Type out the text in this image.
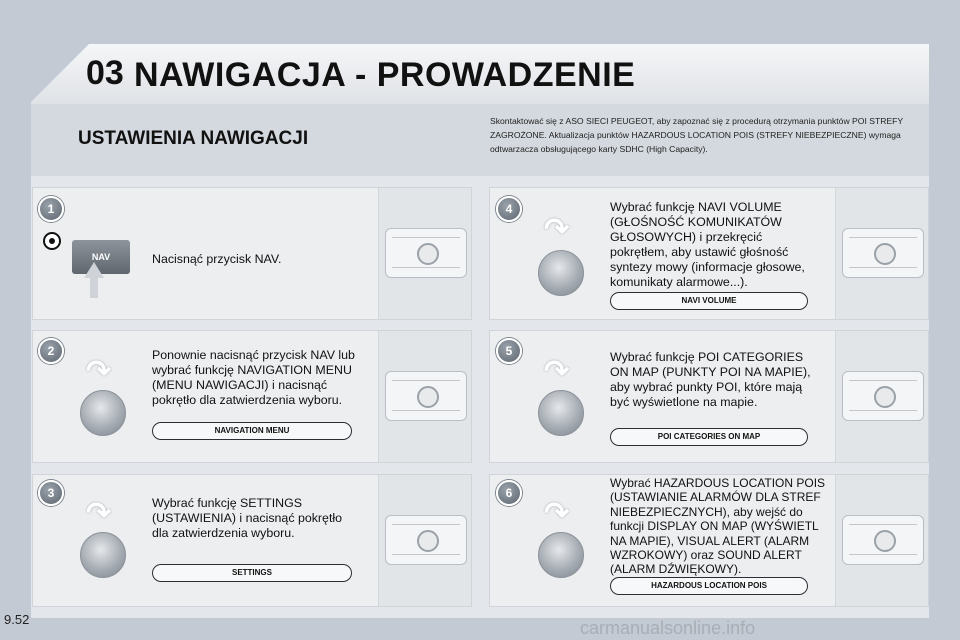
03 NAWIGACJA - PROWADZENIE
USTAWIENIA NAWIGACJI
Skontaktować się z ASO SIECI PEUGEOT, aby zapoznać się z procedurą otrzymania punktów POI STREFY ZAGROŻONE. Aktualizacja punktów HAZARDOUS LOCATION POIS (STREFY NIEBEZPIECZNE) wymaga odtwarzacza obsługującego karty SDHC (High Capacity).
1
NAV	Nacisnąć przycisk NAV.
2
↷	Ponownie nacisnąć przycisk NAV lub wybrać funkcję NAVIGATION MENU (MENU NAWIGACJI) i nacisnąć pokrętło dla zatwierdzenia wyboru.
NAVIGATION MENU
3
↷	Wybrać funkcję SETTINGS (USTAWIENIA) i nacisnąć pokrętło dla zatwierdzenia wyboru.
SETTINGS
4
↷
Wybrać funkcję NAVI VOLUME (GŁOŚNOŚĆ KOMUNIKATÓW GŁOSOWYCH) i przekręcić pokrętłem, aby ustawić głośność syntezy mowy (informacje głosowe, komunikaty alarmowe...).
NAVI VOLUME
5
↷	Wybrać funkcję POI CATEGORIES ON MAP (PUNKTY POI NA MAPIE), aby wybrać punkty POI, które mają być wyświetlone na mapie.
POI CATEGORIES ON MAP
6
↷
Wybrać HAZARDOUS LOCATION POIS (USTAWIANIE ALARMÓW DLA STREF NIEBEZPIECZNYCH), aby wejść do funkcji DISPLAY ON MAP (WYŚWIETL NA MAPIE), VISUAL ALERT (ALARM WZROKOWY) oraz SOUND ALERT (ALARM DŹWIĘKOWY).
HAZARDOUS LOCATION POIS
9.52	carmanualsonline.info
